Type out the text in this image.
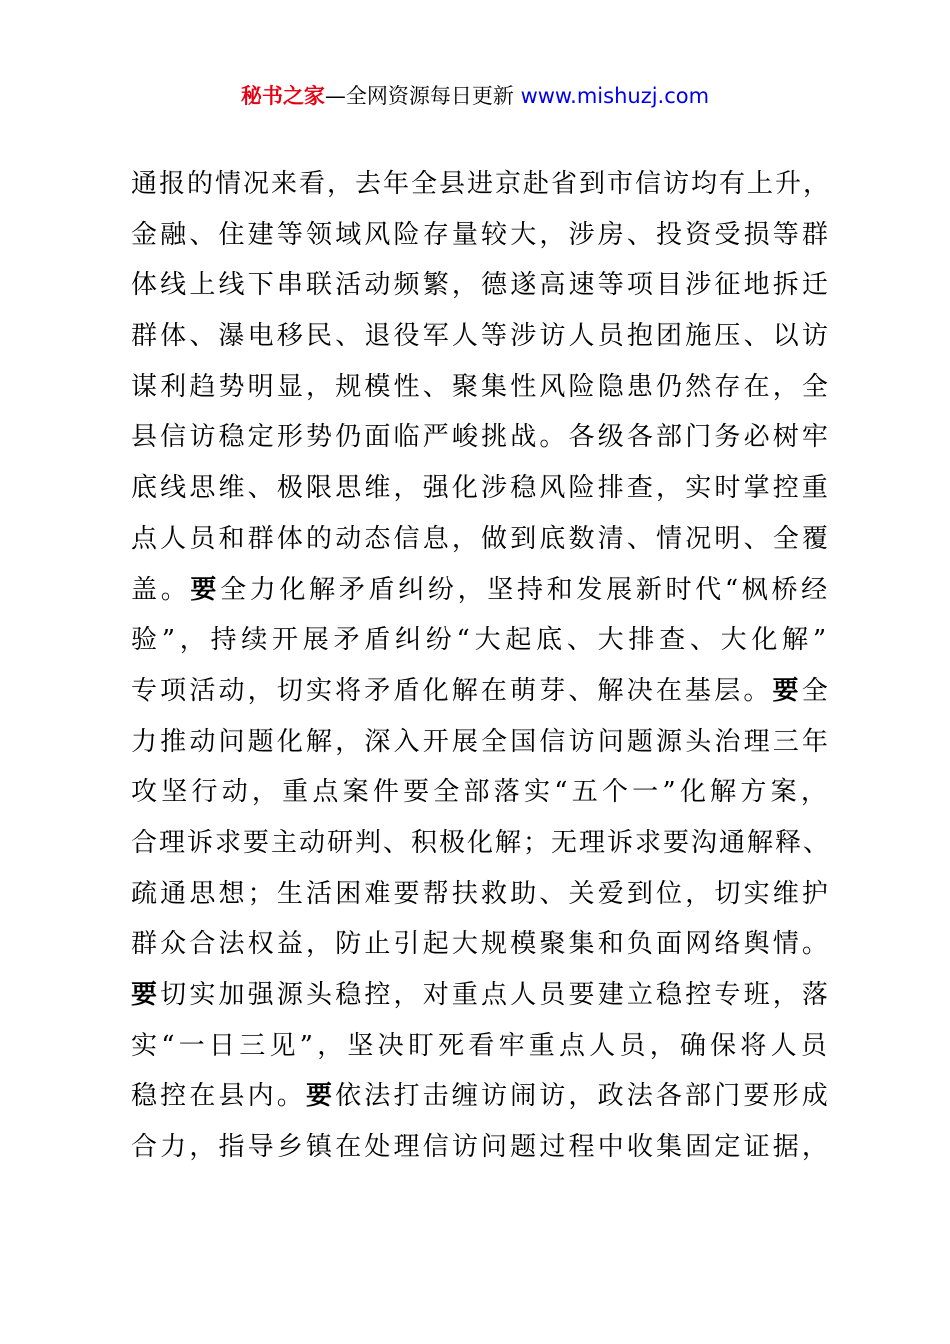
秘书之家—全网资源每日更新 www.mishuzj.com
通报的情况来看，去年全县进京赴省到市信访均有上升，
金融、住建等领域风险存量较大，涉房、投资受损等群
体线上线下串联活动频繁，德遂高速等项目涉征地拆迁
群体、瀑电移民、退役军人等涉访人员抱团施压、以访
谋利趋势明显，规模性、聚集性风险隐患仍然存在，全
县信访稳定形势仍面临严峻挑战。各级各部门务必树牢
底线思维、极限思维，强化涉稳风险排查，实时掌控重
点人员和群体的动态信息，做到底数清、情况明、全覆
盖。要全力化解矛盾纠纷，坚持和发展新时代“枫桥经
验”，持续开展矛盾纠纷“大起底、大排查、大化解”
专项活动，切实将矛盾化解在萌芽、解决在基层。要全
力推动问题化解，深入开展全国信访问题源头治理三年
攻坚行动，重点案件要全部落实“五个一”化解方案，
合理诉求要主动研判、积极化解；无理诉求要沟通解释、
疏通思想；生活困难要帮扶救助、关爱到位，切实维护
群众合法权益，防止引起大规模聚集和负面网络舆情。
要切实加强源头稳控，对重点人员要建立稳控专班，落
实“一日三见”，坚决盯死看牢重点人员，确保将人员
稳控在县内。要依法打击缠访闹访，政法各部门要形成
合力，指导乡镇在处理信访问题过程中收集固定证据，
